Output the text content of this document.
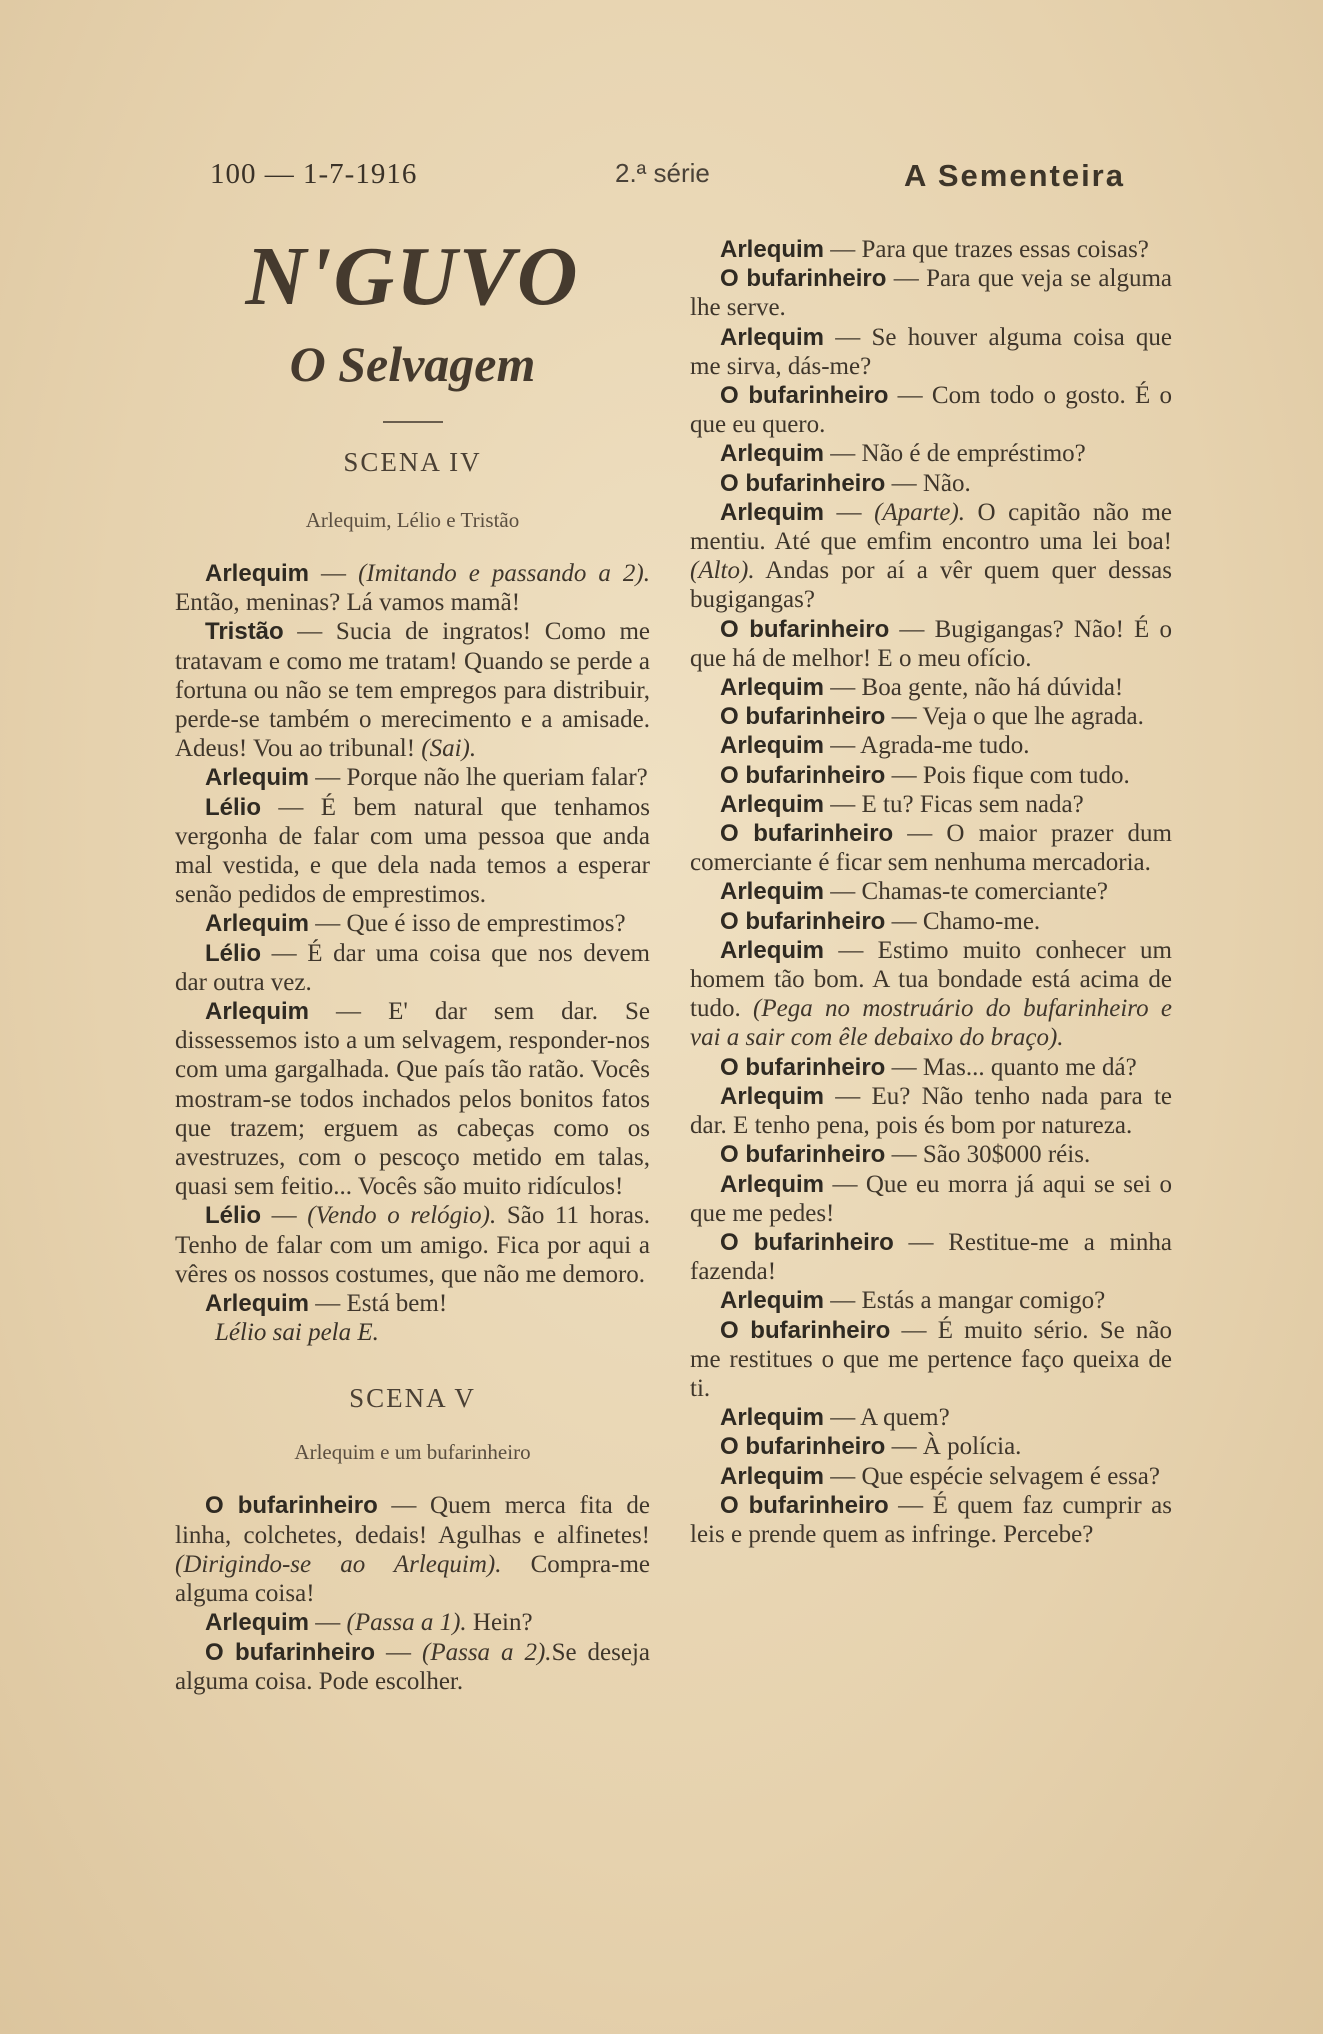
100 — 1-7-1916	2.ª série	A Sementeira
N'GUVO
O Selvagem
SCENA IV
Arlequim, Lélio e Tristão

Arlequim — (Imitando e passando a 2). Então, meninas? Lá vamos mamã!

Tristão — Sucia de ingratos! Como me tratavam e como me tratam! Quando se perde a fortuna ou não se tem empregos para distribuir, perde-se também o merecimento e a amisade. Adeus! Vou ao tribunal! (Sai).

Arlequim — Porque não lhe queriam falar?

Lélio — É bem natural que tenhamos vergonha de falar com uma pessoa que anda mal vestida, e que dela nada temos a esperar senão pedidos de emprestimos.

Arlequim — Que é isso de emprestimos?

Lélio — É dar uma coisa que nos devem dar outra vez.

Arlequim — E' dar sem dar. Se dissessemos isto a um selvagem, responder-nos com uma gargalhada. Que país tão ratão. Vocês mostram-se todos inchados pelos bonitos fatos que trazem; erguem as cabeças como os avestruzes, com o pescoço metido em talas, quasi sem feitio... Vocês são muito ridículos!

Lélio — (Vendo o relógio). São 11 horas. Tenho de falar com um amigo. Fica por aqui a vêres os nossos costumes, que não me demoro.

Arlequim — Está bem!

Lélio sai pela E.

SCENA V
Arlequim e um bufarinheiro

O bufarinheiro — Quem merca fita de linha, colchetes, dedais! Agulhas e alfinetes! (Dirigindo-se ao Arlequim). Compra-me alguma coisa!

Arlequim — (Passa a 1). Hein?

O bufarinheiro — (Passa a 2).Se deseja alguma coisa. Pode escolher.

Arlequim — Para que trazes essas coisas?

O bufarinheiro — Para que veja se alguma lhe serve.

Arlequim — Se houver alguma coisa que me sirva, dás-me?

O bufarinheiro — Com todo o gosto. É o que eu quero.

Arlequim — Não é de empréstimo?

O bufarinheiro — Não.

Arlequim — (Aparte). O capitão não me mentiu. Até que emfim encontro uma lei boa! (Alto). Andas por aí a vêr quem quer dessas bugigangas?

O bufarinheiro — Bugigangas? Não! É o que há de melhor! E o meu ofício.

Arlequim — Boa gente, não há dúvida!

O bufarinheiro — Veja o que lhe agrada.

Arlequim — Agrada-me tudo.

O bufarinheiro — Pois fique com tudo.

Arlequim — E tu? Ficas sem nada?

O bufarinheiro — O maior prazer dum comerciante é ficar sem nenhuma mercadoria.

Arlequim — Chamas-te comerciante?

O bufarinheiro — Chamo-me.

Arlequim — Estimo muito conhecer um homem tão bom. A tua bondade está acima de tudo. (Pega no mostruário do bufarinheiro e vai a sair com êle debaixo do braço).

O bufarinheiro — Mas... quanto me dá?

Arlequim — Eu? Não tenho nada para te dar. E tenho pena, pois és bom por natureza.

O bufarinheiro — São 30$000 réis.

Arlequim — Que eu morra já aqui se sei o que me pedes!

O bufarinheiro — Restitue-me a minha fazenda!

Arlequim — Estás a mangar comigo?

O bufarinheiro — É muito sério. Se não me restitues o que me pertence faço queixa de ti.

Arlequim — A quem?

O bufarinheiro — À polícia.

Arlequim — Que espécie selvagem é essa?

O bufarinheiro — É quem faz cumprir as leis e prende quem as infringe. Percebe?
